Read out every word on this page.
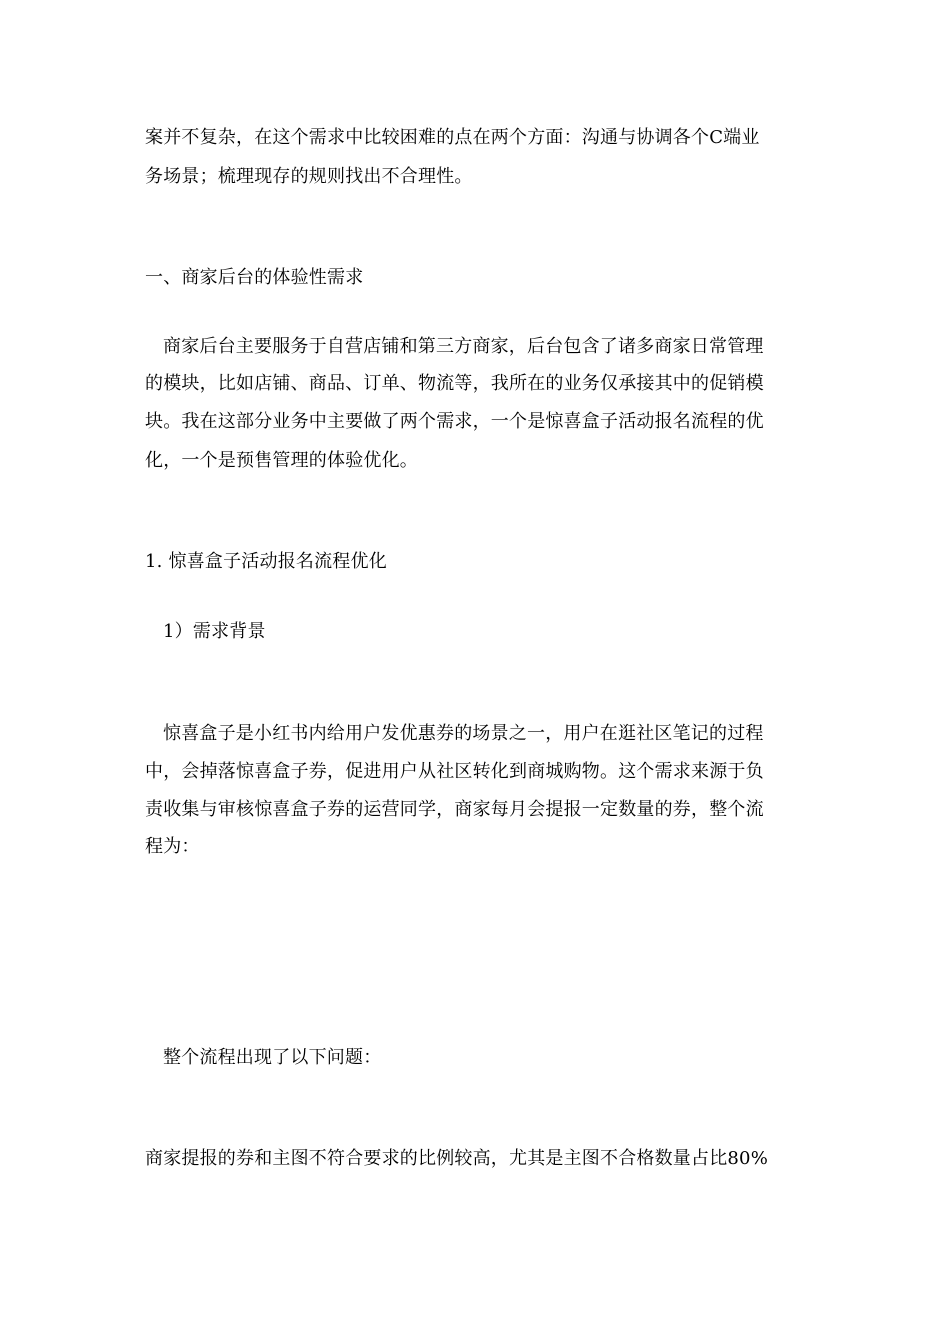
案并不复杂，在这个需求中比较困难的点在两个方面：沟通与协调各个C端业
务场景；梳理现存的规则找出不合理性。
一、商家后台的体验性需求
商家后台主要服务于自营店铺和第三方商家，后台包含了诸多商家日常管理
的模块，比如店铺、商品、订单、物流等，我所在的业务仅承接其中的促销模
块。我在这部分业务中主要做了两个需求，一个是惊喜盒子活动报名流程的优
化，一个是预售管理的体验优化。
1. 惊喜盒子活动报名流程优化
1）需求背景
惊喜盒子是小红书内给用户发优惠券的场景之一，用户在逛社区笔记的过程
中，会掉落惊喜盒子券，促进用户从社区转化到商城购物。这个需求来源于负
责收集与审核惊喜盒子券的运营同学，商家每月会提报一定数量的券，整个流
程为：
整个流程出现了以下问题：
商家提报的券和主图不符合要求的比例较高，尤其是主图不合格数量占比80%
